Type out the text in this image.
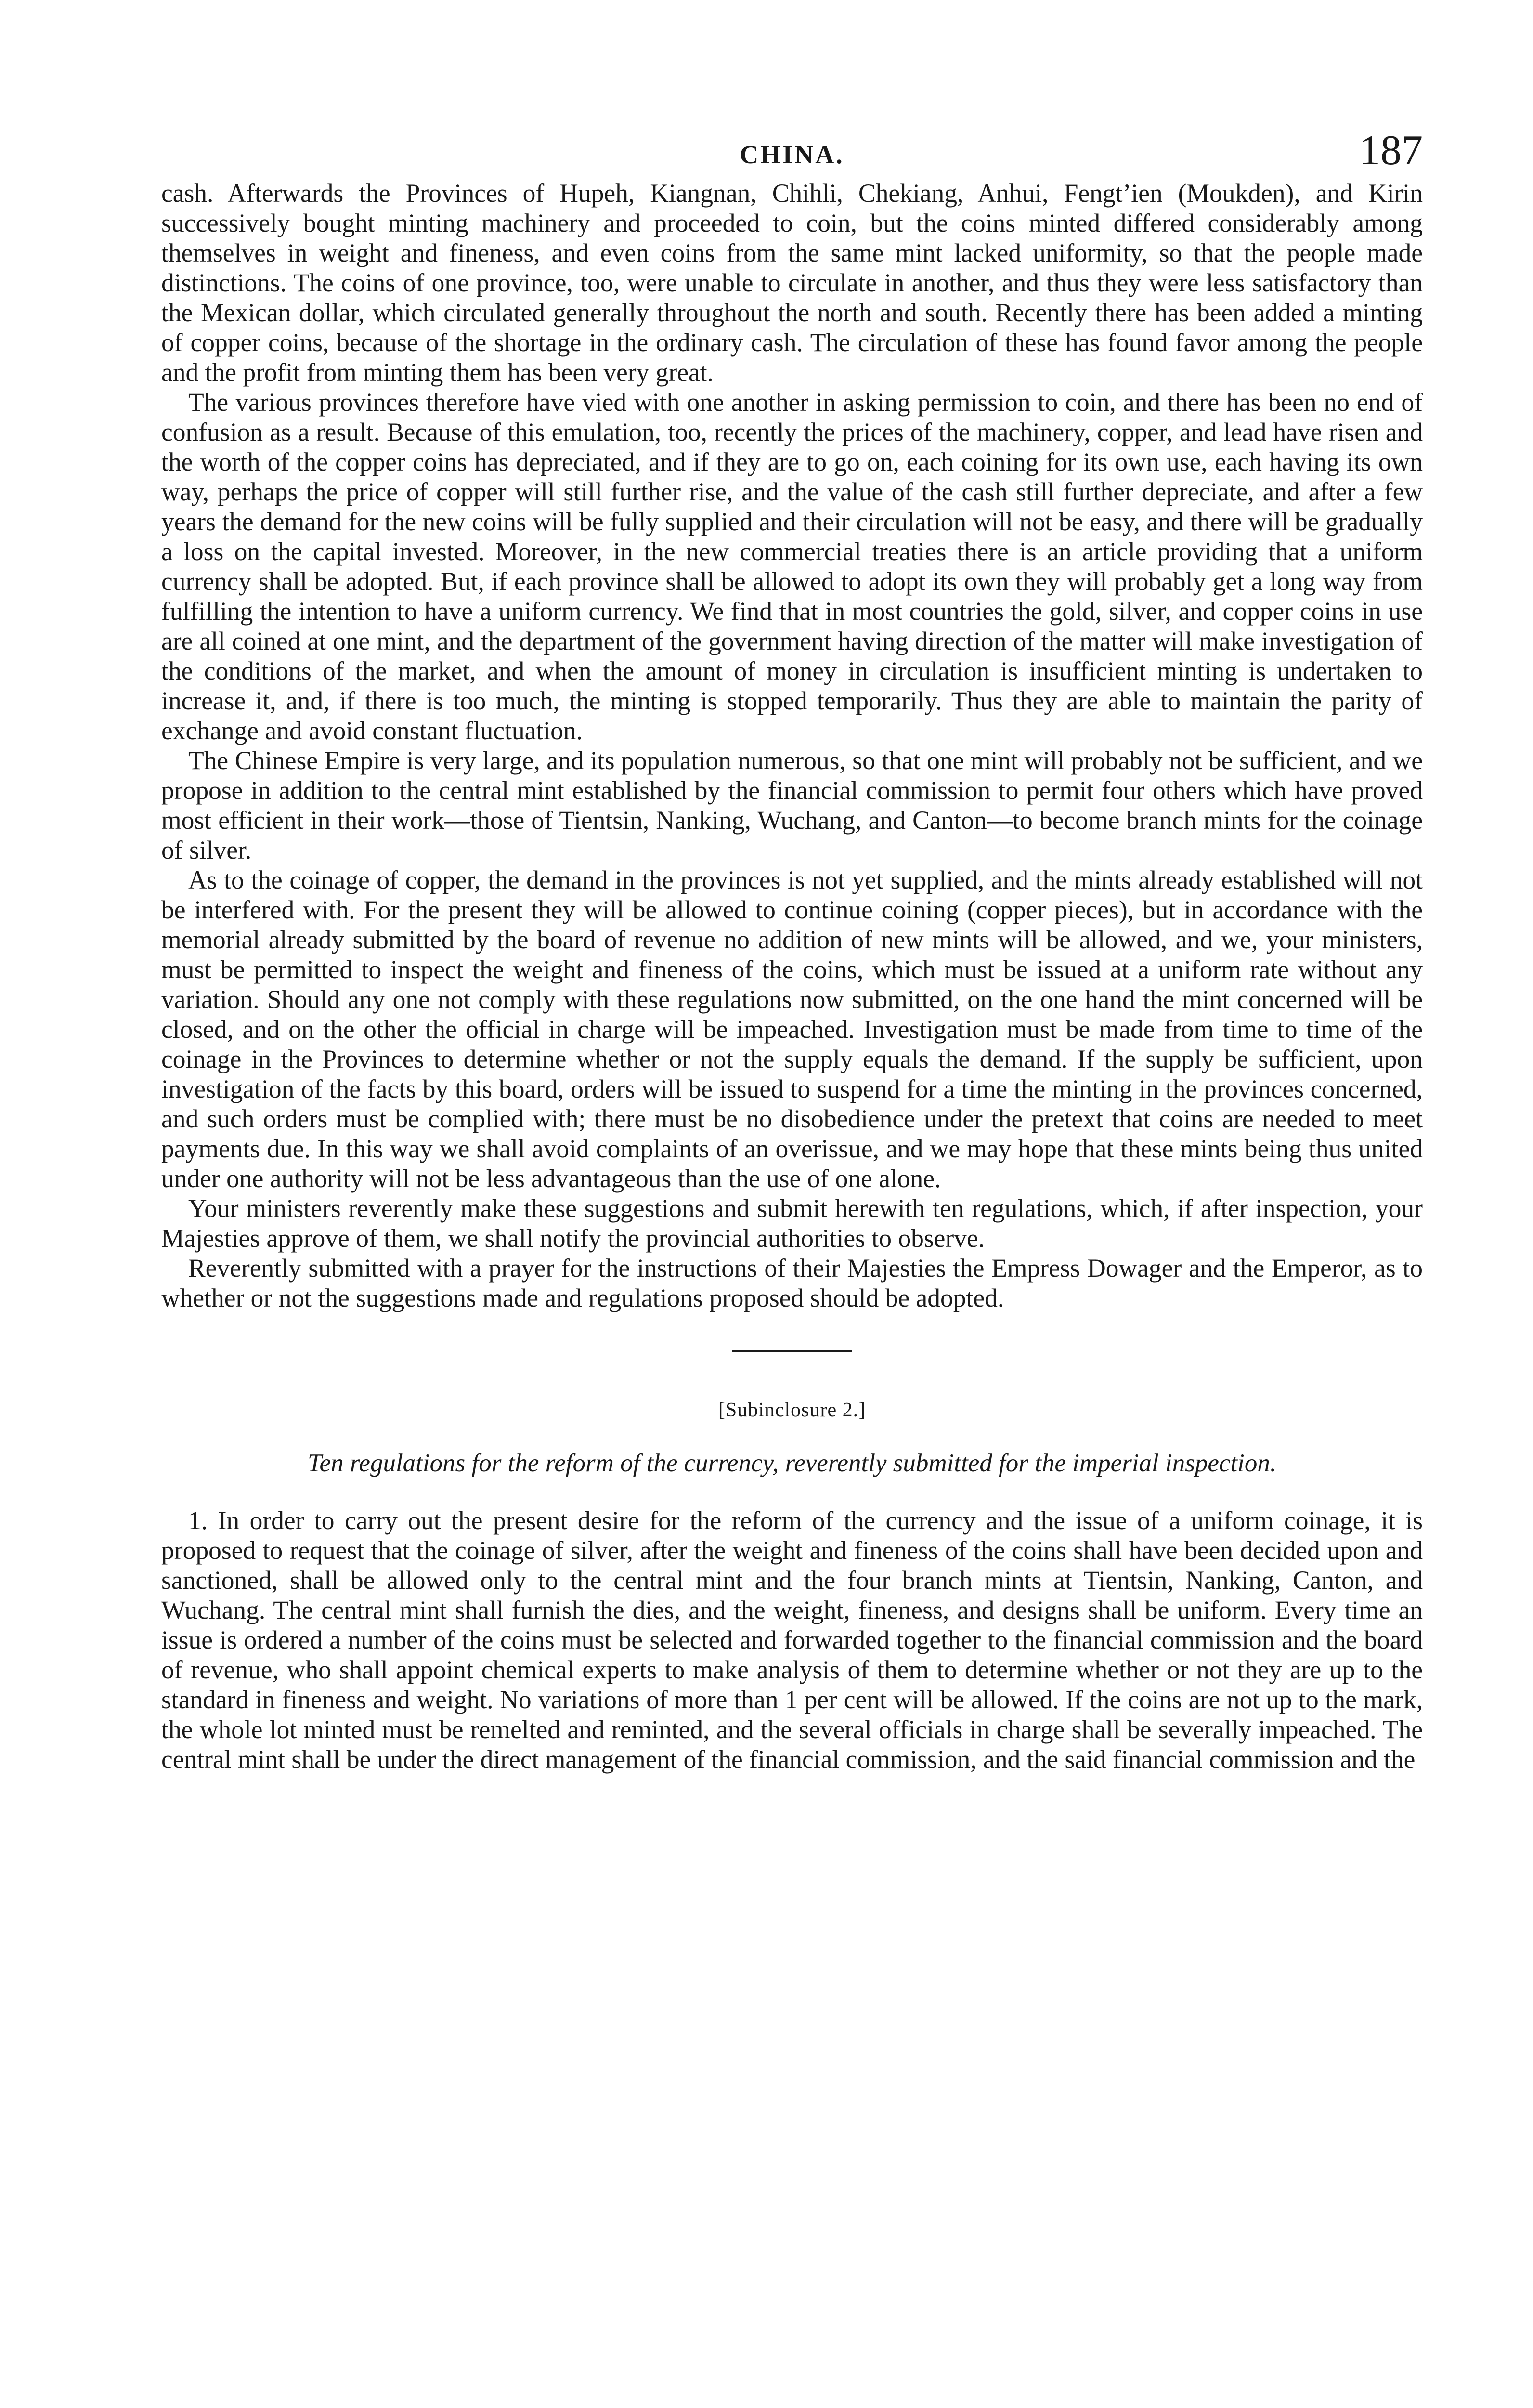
CHINA.	187

cash. Afterwards the Provinces of Hupeh, Kiangnan, Chihli, Chekiang, Anhui, Fengt’ien (Moukden), and Kirin successively bought minting machinery and proceeded to coin, but the coins minted differed considerably among themselves in weight and fineness, and even coins from the same mint lacked uniformity, so that the people made distinctions. The coins of one province, too, were unable to circulate in another, and thus they were less satisfactory than the Mexican dollar, which circulated generally throughout the north and south. Recently there has been added a minting of copper coins, because of the shortage in the ordinary cash. The circulation of these has found favor among the people and the profit from minting them has been very great.

The various provinces therefore have vied with one another in asking permission to coin, and there has been no end of confusion as a result. Because of this emulation, too, recently the prices of the machinery, copper, and lead have risen and the worth of the copper coins has depreciated, and if they are to go on, each coining for its own use, each having its own way, perhaps the price of copper will still further rise, and the value of the cash still further depreciate, and after a few years the demand for the new coins will be fully supplied and their circulation will not be easy, and there will be gradually a loss on the capital invested. Moreover, in the new commercial treaties there is an article providing that a uniform currency shall be adopted. But, if each province shall be allowed to adopt its own they will probably get a long way from fulfilling the intention to have a uniform currency. We find that in most countries the gold, silver, and copper coins in use are all coined at one mint, and the department of the government having direction of the matter will make investigation of the conditions of the market, and when the amount of money in circulation is insufficient minting is undertaken to increase it, and, if there is too much, the minting is stopped temporarily. Thus they are able to maintain the parity of exchange and avoid constant fluctuation.

The Chinese Empire is very large, and its population numerous, so that one mint will probably not be sufficient, and we propose in addition to the central mint established by the financial commission to permit four others which have proved most efficient in their work—those of Tientsin, Nanking, Wuchang, and Canton—to become branch mints for the coinage of silver.

As to the coinage of copper, the demand in the provinces is not yet supplied, and the mints already established will not be interfered with. For the present they will be allowed to continue coining (copper pieces), but in accordance with the memorial already submitted by the board of revenue no addition of new mints will be allowed, and we, your ministers, must be permitted to inspect the weight and fineness of the coins, which must be issued at a uniform rate without any variation. Should any one not comply with these regulations now submitted, on the one hand the mint concerned will be closed, and on the other the official in charge will be impeached. Investigation must be made from time to time of the coinage in the Provinces to determine whether or not the supply equals the demand. If the supply be sufficient, upon investigation of the facts by this board, orders will be issued to suspend for a time the minting in the provinces concerned, and such orders must be complied with; there must be no disobedience under the pretext that coins are needed to meet payments due. In this way we shall avoid complaints of an overissue, and we may hope that these mints being thus united under one authority will not be less advantageous than the use of one alone.

Your ministers reverently make these suggestions and submit herewith ten regulations, which, if after inspection, your Majesties approve of them, we shall notify the provincial authorities to observe.

Reverently submitted with a prayer for the instructions of their Majesties the Empress Dowager and the Emperor, as to whether or not the suggestions made and regulations proposed should be adopted.

[Subinclosure 2.]
Ten regulations for the reform of the currency, reverently submitted for the imperial inspection.

1. In order to carry out the present desire for the reform of the currency and the issue of a uniform coinage, it is proposed to request that the coinage of silver, after the weight and fineness of the coins shall have been decided upon and sanctioned, shall be allowed only to the central mint and the four branch mints at Tientsin, Nanking, Canton, and Wuchang. The central mint shall furnish the dies, and the weight, fineness, and designs shall be uniform. Every time an issue is ordered a number of the coins must be selected and forwarded together to the financial commission and the board of revenue, who shall appoint chemical experts to make analysis of them to determine whether or not they are up to the standard in fineness and weight. No variations of more than 1 per cent will be allowed. If the coins are not up to the mark, the whole lot minted must be remelted and reminted, and the several officials in charge shall be severally impeached. The central mint shall be under the direct management of the financial commission, and the said financial commission and the
